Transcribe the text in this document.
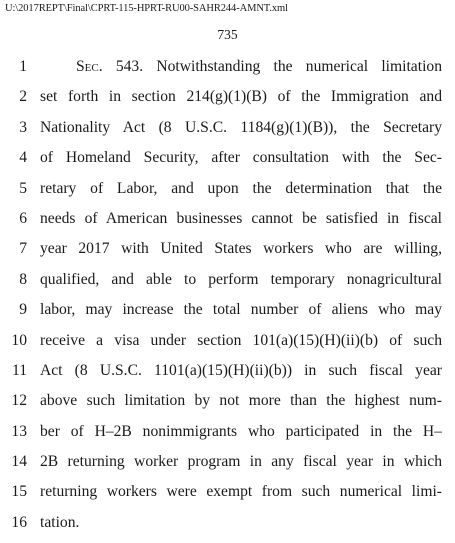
U:\2017REPT\Final\CPRT-115-HPRT-RU00-SAHR244-AMNT.xml
735
1	Sec. 543. Notwithstanding the numerical limitation
2 set forth in section 214(g)(1)(B) of the Immigration and
3 Nationality Act (8 U.S.C. 1184(g)(1)(B)), the Secretary
4 of Homeland Security, after consultation with the Sec-
5 retary of Labor, and upon the determination that the
6 needs of American businesses cannot be satisfied in fiscal
7 year 2017 with United States workers who are willing,
8 qualified, and able to perform temporary nonagricultural
9 labor, may increase the total number of aliens who may
10 receive a visa under section 101(a)(15)(H)(ii)(b) of such
11 Act (8 U.S.C. 1101(a)(15)(H)(ii)(b)) in such fiscal year
12 above such limitation by not more than the highest num-
13 ber of H–2B nonimmigrants who participated in the H–
14 2B returning worker program in any fiscal year in which
15 returning workers were exempt from such numerical limi-
16 tation.
